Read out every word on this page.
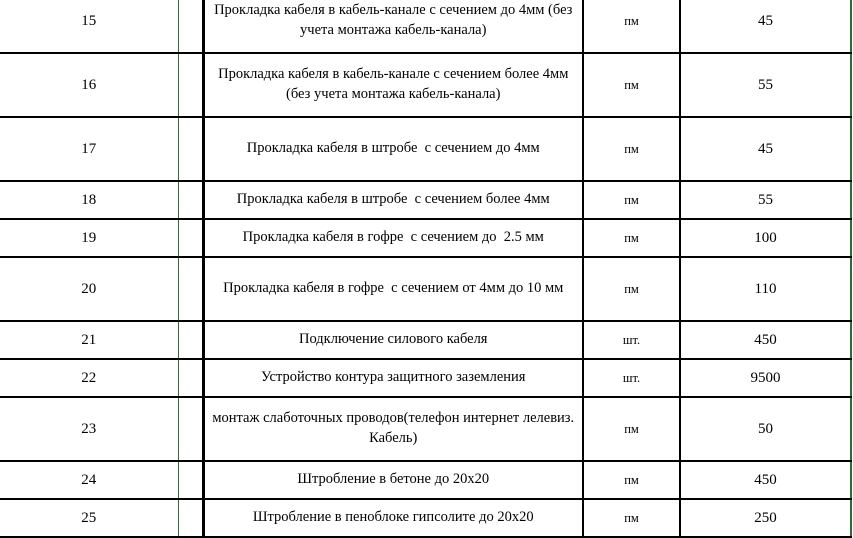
15		Прокладка кабеля в кабель-канале с сечением до 4мм (без учета монтажа кабель-канала)	пм	45
16		Прокладка кабеля в кабель-канале с сечением более 4мм (без учета монтажа кабель-канала)	пм	55
17		Прокладка кабеля в штробе  с сечением до 4мм	пм	45
18		Прокладка кабеля в штробе  с сечением более 4мм	пм	55
19		Прокладка кабеля в гофре  с сечением до  2.5 мм	пм	100
20		Прокладка кабеля в гофре  с сечением от 4мм до 10 мм	пм	110
21		Подключение силового кабеля	шт.	450
22		Устройство контура защитного заземления	шт.	9500
23		монтаж слаботочных проводов(телефон интернет лелевиз. Кабель)	пм	50
24		Штробление в бетоне до 20х20	пм	450
25		Штробление в пеноблоке гипсолите до 20х20	пм	250
